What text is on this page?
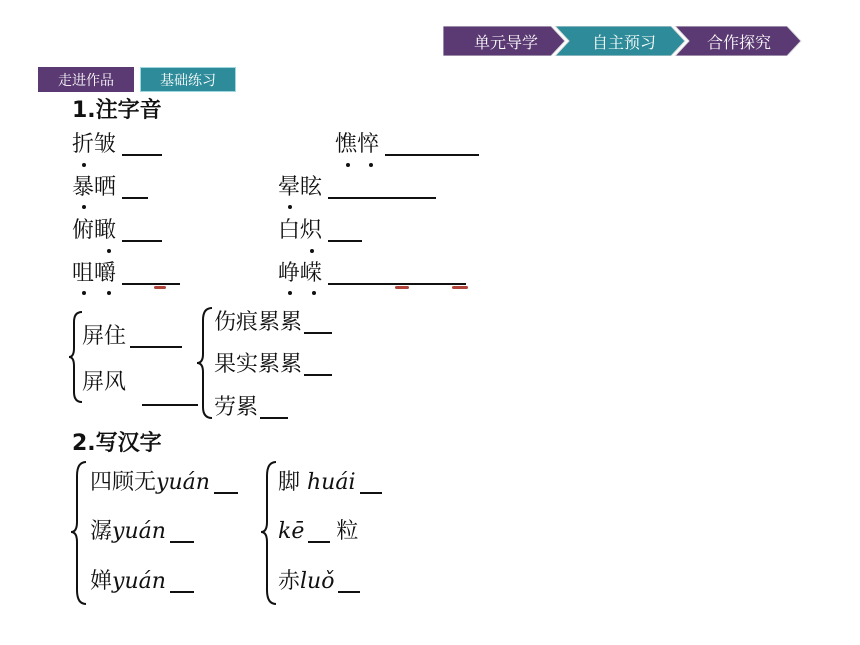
单元导学	自主预习	合作探究
走进作品	基础练习
1.注字音
折皱	憔悴
暴晒	晕眩
俯瞰	白炽
咀嚼	峥嵘
屏住
屏风
伤痕累累
果实累累
劳累
2.写汉字
四顾无yuán
潺yuán
婵yuán
脚 huái
kē 粒
赤luǒ
